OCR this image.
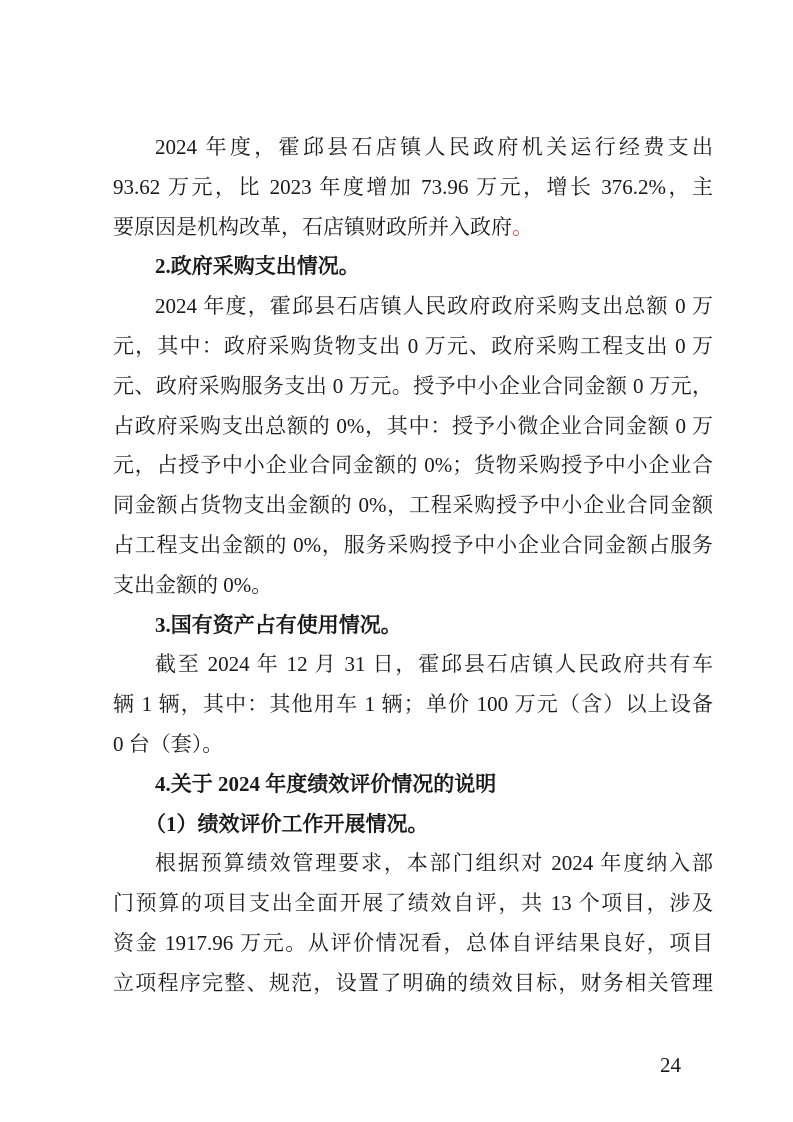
2024 年度，霍邱县石店镇人民政府机关运行经费支出
93.62 万元，比 2023 年度增加 73.96 万元，增长 376.2%，主
要原因是机构改革，石店镇财政所并入政府。
2.政府采购支出情况。
2024 年度，霍邱县石店镇人民政府政府采购支出总额 0 万
元，其中：政府采购货物支出 0 万元、政府采购工程支出 0 万
元、政府采购服务支出 0 万元。授予中小企业合同金额 0 万元，
占政府采购支出总额的 0%，其中：授予小微企业合同金额 0 万
元，占授予中小企业合同金额的 0%；货物采购授予中小企业合
同金额占货物支出金额的 0%，工程采购授予中小企业合同金额
占工程支出金额的 0%，服务采购授予中小企业合同金额占服务
支出金额的 0%。
3.国有资产占有使用情况。
截至 2024 年 12 月 31 日，霍邱县石店镇人民政府共有车
辆 1 辆，其中：其他用车 1 辆；单价 100 万元（含）以上设备
0 台（套）。
4.关于 2024 年度绩效评价情况的说明
（1）绩效评价工作开展情况。
根据预算绩效管理要求，本部门组织对 2024 年度纳入部
门预算的项目支出全面开展了绩效自评，共 13 个项目，涉及
资金 1917.96 万元。从评价情况看，总体自评结果良好，项目
立项程序完整、规范，设置了明确的绩效目标，财务相关管理
24
